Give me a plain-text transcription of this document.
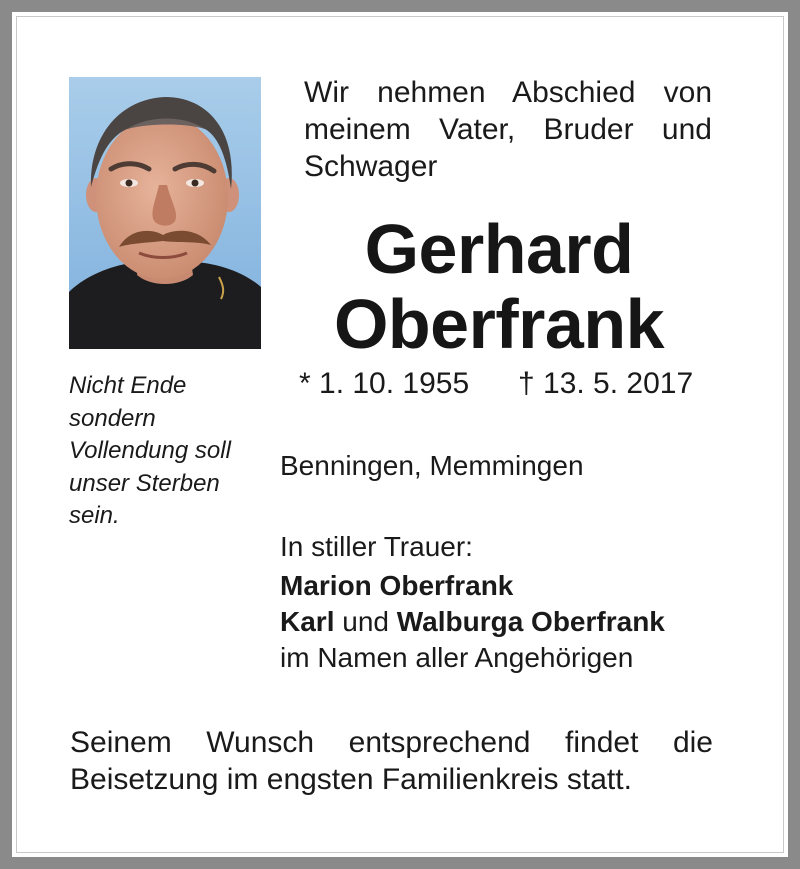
Wir nehmen Abschied von meinem Vater, Bruder und Schwager

Gerhard
Oberfrank

Nicht Ende
sondern
Vollendung soll
unser Sterben
sein.

* 1. 10. 1955 † 13. 5. 2017
Benningen, Memmingen
In stiller Trauer:
Marion Oberfrank
Karl und Walburga Oberfrank
im Namen aller Angehörigen

Seinem Wunsch entsprechend findet die Beisetzung im engsten Familienkreis statt.
